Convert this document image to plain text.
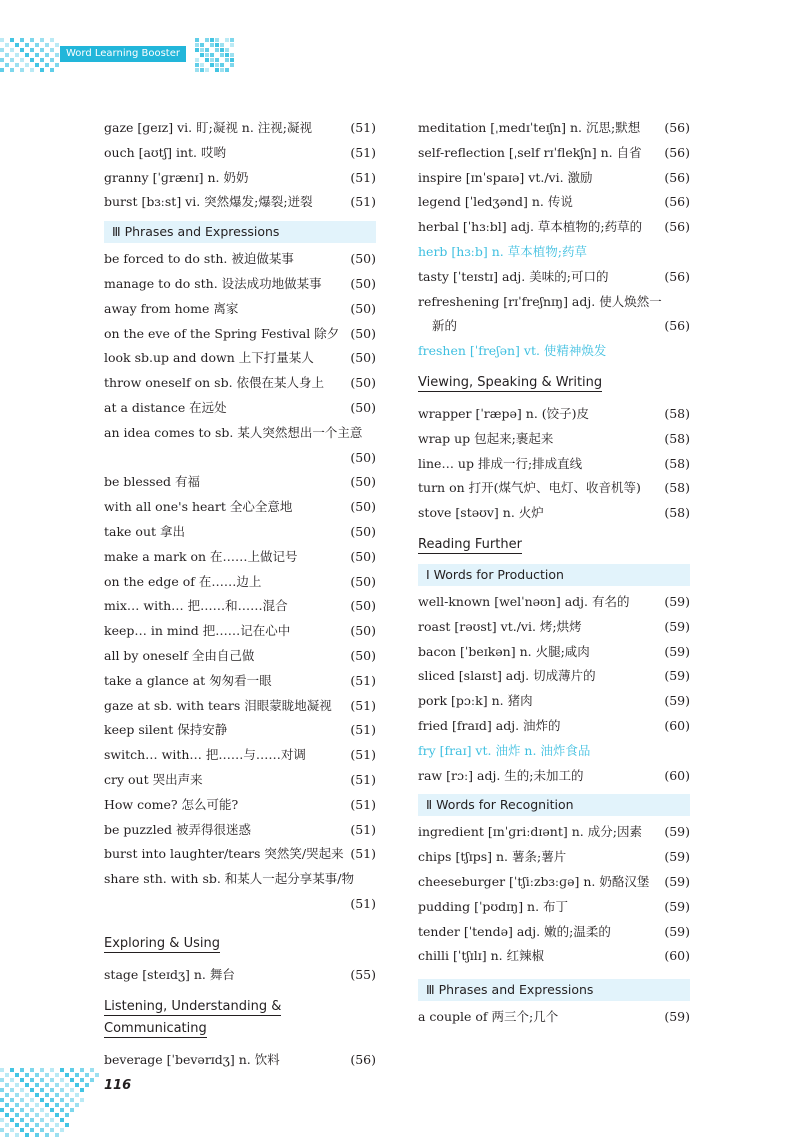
Word Learning Booster
gaze [ɡeɪz] vi. 盯;凝视 n. 注视;凝视	(51)
ouch [aʊtʃ] int. 哎哟	(51)
granny [ˈɡrænɪ] n. 奶奶	(51)
burst [bɜːst] vi. 突然爆发;爆裂;迸裂	(51)
Ⅲ Phrases and Expressions
be forced to do sth. 被迫做某事	(50)
manage to do sth. 设法成功地做某事	(50)
away from home 离家	(50)
on the eve of the Spring Festival 除夕 (50)
look sb.up and down 上下打量某人	(50)
throw oneself on sb. 依偎在某人身上	(50)
at a distance 在远处	(50)
an idea comes to sb. 某人突然想出一个主意
(50)
be blessed 有福	(50)
with all one's heart 全心全意地	(50)
take out 拿出	(50)
make a mark on 在……上做记号	(50)
on the edge of 在……边上	(50)
mix… with… 把……和……混合	(50)
keep… in mind 把……记在心中	(50)
all by oneself 全由自己做	(50)
take a glance at 匆匆看一眼	(51)
gaze at sb. with tears 泪眼蒙眬地凝视	(51)
keep silent 保持安静	(51)
switch… with… 把……与……对调	(51)
cry out 哭出声来	(51)
How come? 怎么可能?	(51)
be puzzled 被弄得很迷惑	(51)
burst into laughter/tears 突然笑/哭起来 (51)
share sth. with sb. 和某人一起分享某事/物
(51)
Exploring & Using
stage [steɪdʒ] n. 舞台	(55)
Listening, Understanding & Communicating
beverage [ˈbevərɪdʒ] n. 饮料	(56)
meditation [ˌmedɪˈteɪʃn] n. 沉思;默想	(56)
self-reflection [ˌself rɪˈflekʃn] n. 自省	(56)
inspire [ɪnˈspaɪə] vt./vi. 激励	(56)
legend [ˈledʒənd] n. 传说	(56)
herbal [ˈhɜːbl] adj. 草本植物的;药草的	(56)
herb [hɜːb] n. 草本植物;药草
tasty [ˈteɪstɪ] adj. 美味的;可口的	(56)
refreshening [rɪˈfreʃnɪŋ] adj. 使人焕然一
新的	(56)
freshen [ˈfreʃən] vt. 使精神焕发
Viewing, Speaking & Writing
wrapper [ˈræpə] n. (饺子)皮	(58)
wrap up 包起来;裹起来	(58)
line… up 排成一行;排成直线	(58)
turn on 打开(煤气炉、电灯、收音机等)	(58)
stove [stəʊv] n. 火炉	(58)
Reading Further
Ⅰ Words for Production
well-known [welˈnəʊn] adj. 有名的	(59)
roast [rəʊst] vt./vi. 烤;烘烤	(59)
bacon [ˈbeɪkən] n. 火腿;咸肉	(59)
sliced [slaɪst] adj. 切成薄片的	(59)
pork [pɔːk] n. 猪肉	(59)
fried [fraɪd] adj. 油炸的	(60)
fry [fraɪ] vt. 油炸 n. 油炸食品
raw [rɔː] adj. 生的;未加工的	(60)
Ⅱ Words for Recognition
ingredient [ɪnˈɡriːdɪənt] n. 成分;因素	(59)
chips [tʃɪps] n. 薯条;薯片	(59)
cheeseburger [ˈtʃiːzbɜːɡə] n. 奶酪汉堡	(59)
pudding [ˈpʊdɪŋ] n. 布丁	(59)
tender [ˈtendə] adj. 嫩的;温柔的	(59)
chilli [ˈtʃɪlɪ] n. 红辣椒	(60)
Ⅲ Phrases and Expressions
a couple of 两三个;几个	(59)
116
